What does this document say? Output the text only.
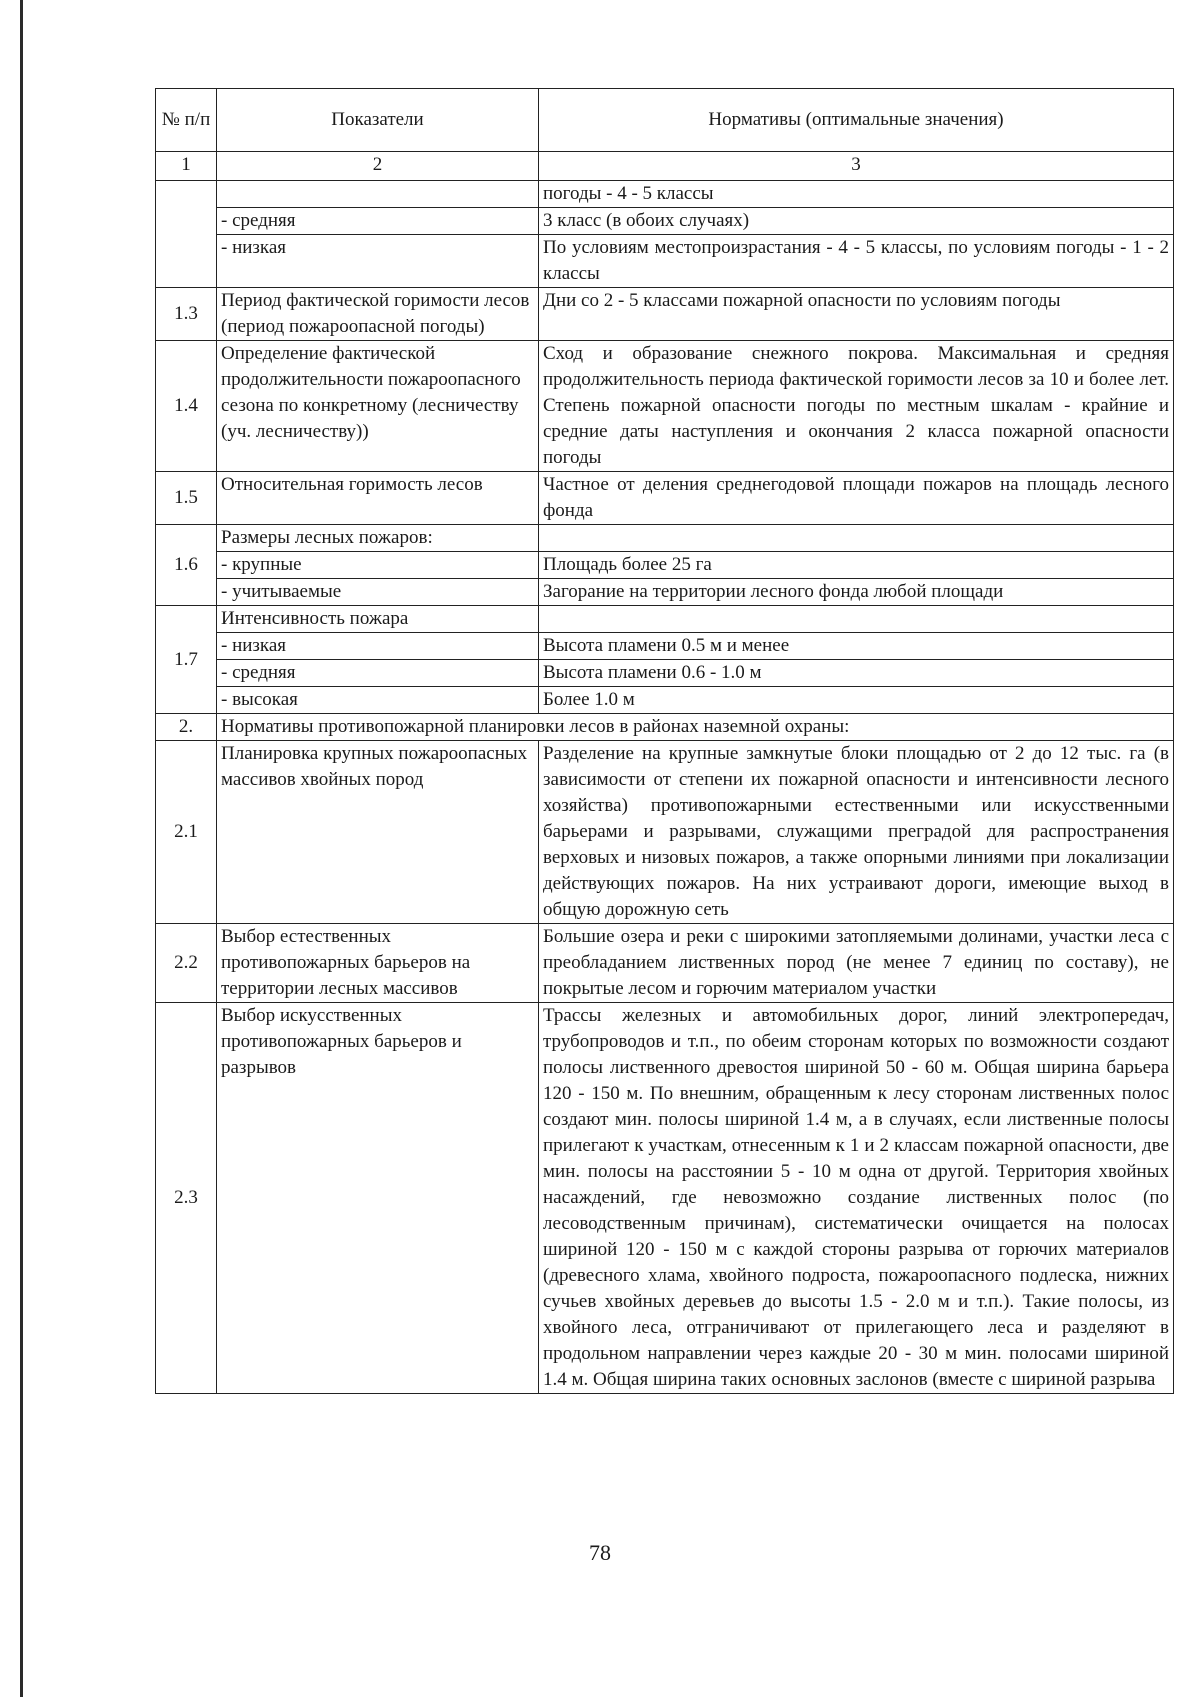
№ п/п	Показатели	Нормативы (оптимальные значения)
1	2	3
		погоды - 4 - 5 классы
	- средняя	3 класс (в обоих случаях)
	- низкая	По условиям местопроизрастания - 4 - 5 классы, по условиям погоды - 1 - 2 классы
1.3	Период фактической горимости лесов (период пожароопасной погоды)	Дни со 2 - 5 классами пожарной опасности по условиям погоды
1.4	Определение фактической продолжительности пожароопасного сезона по конкретному (лесничеству (уч. лесничеству))	Сход и образование снежного покрова. Максимальная и средняя продолжительность периода фактической горимости лесов за 10 и более лет. Степень пожарной опасности погоды по местным шкалам - крайние и средние даты наступления и окончания 2 класса пожарной опасности погоды
1.5	Относительная горимость лесов	Частное от деления среднегодовой площади пожаров на площадь лесного фонда
1.6	Размеры лесных пожаров:	
	- крупные	Площадь более 25 га
	- учитываемые	Загорание на территории лесного фонда любой площади
1.7	Интенсивность пожара	
	- низкая	Высота пламени 0.5 м и менее
	- средняя	Высота пламени 0.6 - 1.0 м
	- высокая	Более 1.0 м
2.	Нормативы противопожарной планировки лесов в районах наземной охраны:	
2.1	Планировка крупных пожароопасных массивов хвойных пород	Разделение на крупные замкнутые блоки площадью от 2 до 12 тыс. га (в зависимости от степени их пожарной опасности и интенсивности лесного хозяйства) противопожарными естественными или искусственными барьерами и разрывами, служащими преградой для распространения верховых и низовых пожаров, а также опорными линиями при локализации действующих пожаров. На них устраивают дороги, имеющие выход в общую дорожную сеть
2.2	Выбор естественных противопожарных барьеров на территории лесных массивов	Большие озера и реки с широкими затопляемыми долинами, участки леса с преобладанием лиственных пород (не менее 7 единиц по составу), не покрытые лесом и горючим материалом участки
2.3	Выбор искусственных противопожарных барьеров и разрывов	Трассы железных и автомобильных дорог, линий электропередач, трубопроводов и т.п., по обеим сторонам которых по возможности создают полосы лиственного древостоя шириной 50 - 60 м. Общая ширина барьера 120 - 150 м. По внешним, обращенным к лесу сторонам лиственных полос создают мин. полосы шириной 1.4 м, а в случаях, если лиственные полосы прилегают к участкам, отнесенным к 1 и 2 классам пожарной опасности, две мин. полосы на расстоянии 5 - 10 м одна от другой. Территория хвойных насаждений, где невозможно создание лиственных полос (по лесоводственным причинам), систематически очищается на полосах шириной 120 - 150 м с каждой стороны разрыва от горючих материалов (древесного хлама, хвойного подроста, пожароопасного подлеска, нижних сучьев хвойных деревьев до высоты 1.5 - 2.0 м и т.п.). Такие полосы, из хвойного леса, отграничивают от прилегающего леса и разделяют в продольном направлении через каждые 20 - 30 м мин. полосами шириной 1.4 м. Общая ширина таких основных заслонов (вместе с шириной разрыва
78
